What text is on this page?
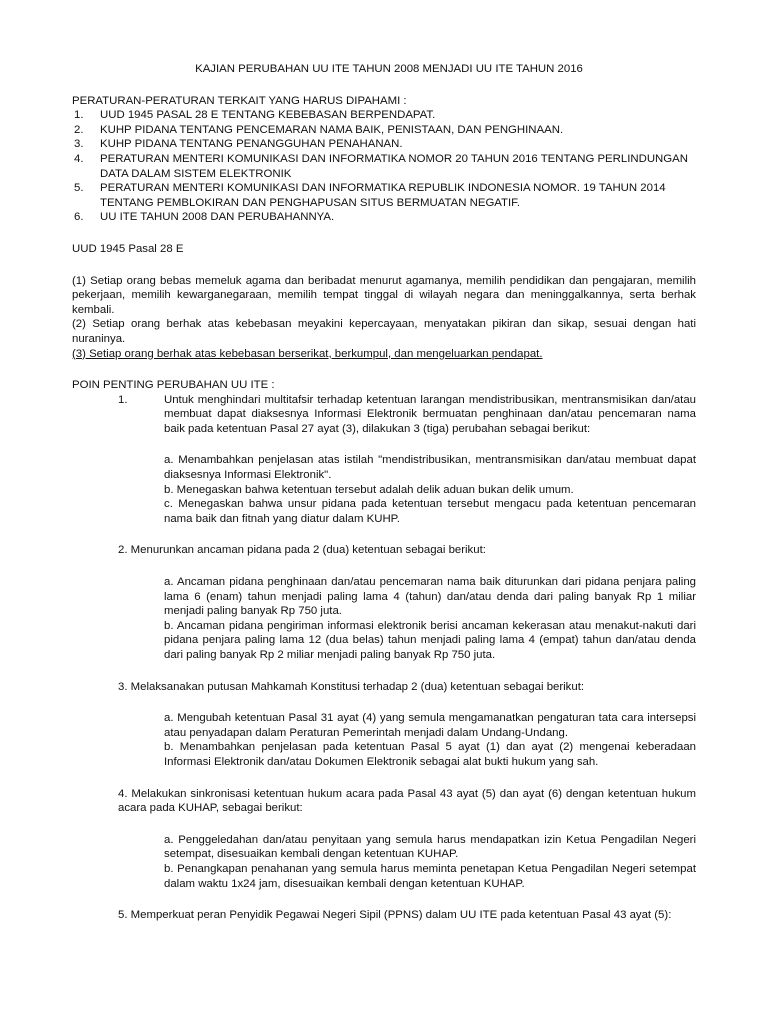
KAJIAN PERUBAHAN UU ITE TAHUN 2008 MENJADI UU ITE TAHUN 2016

PERATURAN-PERATURAN TERKAIT YANG HARUS DIPAHAMI :

1. UUD 1945 PASAL 28 E TENTANG KEBEBASAN BERPENDAPAT.
2. KUHP PIDANA TENTANG PENCEMARAN NAMA BAIK, PENISTAAN, DAN PENGHINAAN.
3. KUHP PIDANA TENTANG PENANGGUHAN PENAHANAN.
4. PERATURAN MENTERI KOMUNIKASI DAN INFORMATIKA NOMOR 20 TAHUN 2016 TENTANG PERLINDUNGAN DATA DALAM SISTEM ELEKTRONIK
5. PERATURAN MENTERI KOMUNIKASI DAN INFORMATIKA REPUBLIK INDONESIA NOMOR. 19 TAHUN 2014 TENTANG PEMBLOKIRAN DAN PENGHAPUSAN SITUS BERMUATAN NEGATIF.
6. UU ITE TAHUN 2008 DAN PERUBAHANNYA.

UUD 1945 Pasal 28 E

(1) Setiap orang bebas memeluk agama dan beribadat menurut agamanya, memilih pendidikan dan pengajaran, memilih pekerjaan, memilih kewarganegaraan, memilih tempat tinggal di wilayah negara dan meninggalkannya, serta berhak kembali.

(2) Setiap orang berhak atas kebebasan meyakini kepercayaan, menyatakan pikiran dan sikap, sesuai dengan hati nuraninya.

(3) Setiap orang berhak atas kebebasan berserikat, berkumpul, dan mengeluarkan pendapat.

POIN PENTING PERUBAHAN UU ITE :

1.	Untuk menghindari multitafsir terhadap ketentuan larangan mendistribusikan, mentransmisikan dan/atau membuat dapat diaksesnya Informasi Elektronik bermuatan penghinaan dan/atau pencemaran nama baik pada ketentuan Pasal 27 ayat (3), dilakukan 3 (tiga) perubahan sebagai berikut:

a. Menambahkan penjelasan atas istilah "mendistribusikan, mentransmisikan dan/atau membuat dapat diaksesnya Informasi Elektronik".

b. Menegaskan bahwa ketentuan tersebut adalah delik aduan bukan delik umum.

c. Menegaskan bahwa unsur pidana pada ketentuan tersebut mengacu pada ketentuan pencemaran nama baik dan fitnah yang diatur dalam KUHP.

2. Menurunkan ancaman pidana pada 2 (dua) ketentuan sebagai berikut:

a. Ancaman pidana penghinaan dan/atau pencemaran nama baik diturunkan dari pidana penjara paling lama 6 (enam) tahun menjadi paling lama 4 (tahun) dan/atau denda dari paling banyak Rp 1 miliar menjadi paling banyak Rp 750 juta.

b. Ancaman pidana pengiriman informasi elektronik berisi ancaman kekerasan atau menakut-nakuti dari pidana penjara paling lama 12 (dua belas) tahun menjadi paling lama 4 (empat) tahun dan/atau denda dari paling banyak Rp 2 miliar menjadi paling banyak Rp 750 juta.

3. Melaksanakan putusan Mahkamah Konstitusi terhadap 2 (dua) ketentuan sebagai berikut:

a. Mengubah ketentuan Pasal 31 ayat (4) yang semula mengamanatkan pengaturan tata cara intersepsi atau penyadapan dalam Peraturan Pemerintah menjadi dalam Undang-Undang.

b. Menambahkan penjelasan pada ketentuan Pasal 5 ayat (1) dan ayat (2) mengenai keberadaan Informasi Elektronik dan/atau Dokumen Elektronik sebagai alat bukti hukum yang sah.

4. Melakukan sinkronisasi ketentuan hukum acara pada Pasal 43 ayat (5) dan ayat (6) dengan ketentuan hukum acara pada KUHAP, sebagai berikut:

a. Penggeledahan dan/atau penyitaan yang semula harus mendapatkan izin Ketua Pengadilan Negeri setempat, disesuaikan kembali dengan ketentuan KUHAP.

b. Penangkapan penahanan yang semula harus meminta penetapan Ketua Pengadilan Negeri setempat dalam waktu 1x24 jam, disesuaikan kembali dengan ketentuan KUHAP.

5. Memperkuat peran Penyidik Pegawai Negeri Sipil (PPNS) dalam UU ITE pada ketentuan Pasal 43 ayat (5):
